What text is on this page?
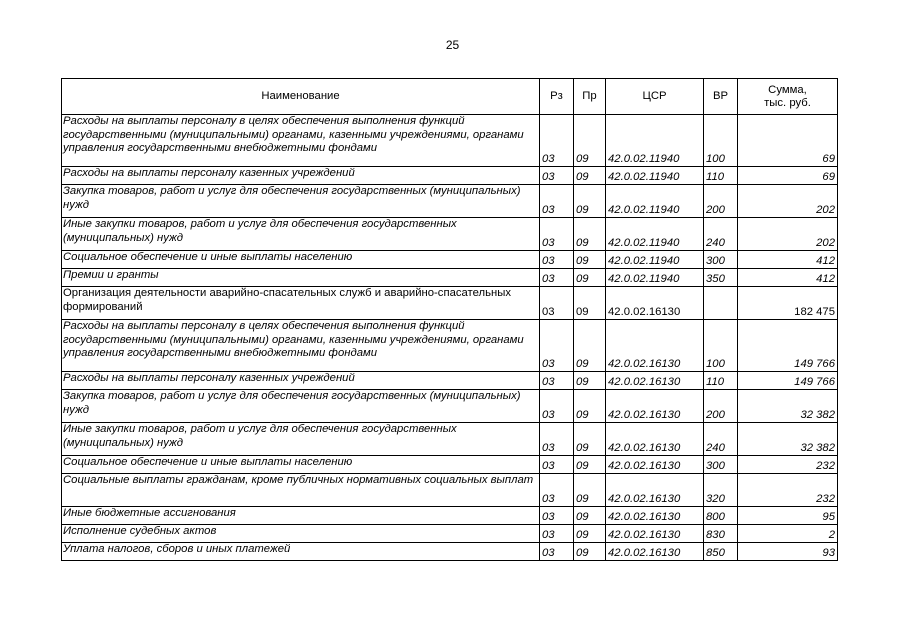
25
Наименование	Рз	Пр	ЦСР	ВР	Сумма,
тыс. руб.
Расходы на выплаты персоналу в целях обеспечения выполнения функций государственными (муниципальными) органами, казенными учреждениями, органами управления государственными внебюджетными фондами	03	09	42.0.02.11940	100	69
Расходы на выплаты персоналу казенных учреждений	03	09	42.0.02.11940	110	69
Закупка товаров, работ и услуг для обеспечения государственных (муниципальных) нужд	03	09	42.0.02.11940	200	202
Иные закупки товаров, работ и услуг для обеспечения государственных (муниципальных) нужд	03	09	42.0.02.11940	240	202
Социальное обеспечение и иные выплаты населению	03	09	42.0.02.11940	300	412
Премии и гранты	03	09	42.0.02.11940	350	412
Организация деятельности аварийно-спасательных служб и аварийно-спасательных формирований	03	09	42.0.02.16130		182 475
Расходы на выплаты персоналу в целях обеспечения выполнения функций государственными (муниципальными) органами, казенными учреждениями, органами управления государственными внебюджетными фондами	03	09	42.0.02.16130	100	149 766
Расходы на выплаты персоналу казенных учреждений	03	09	42.0.02.16130	110	149 766
Закупка товаров, работ и услуг для обеспечения государственных (муниципальных) нужд	03	09	42.0.02.16130	200	32 382
Иные закупки товаров, работ и услуг для обеспечения государственных (муниципальных) нужд	03	09	42.0.02.16130	240	32 382
Социальное обеспечение и иные выплаты населению	03	09	42.0.02.16130	300	232
Социальные выплаты гражданам, кроме публичных нормативных социальных выплат	03	09	42.0.02.16130	320	232
Иные бюджетные ассигнования	03	09	42.0.02.16130	800	95
Исполнение судебных актов	03	09	42.0.02.16130	830	2
Уплата налогов, сборов и иных платежей	03	09	42.0.02.16130	850	93
